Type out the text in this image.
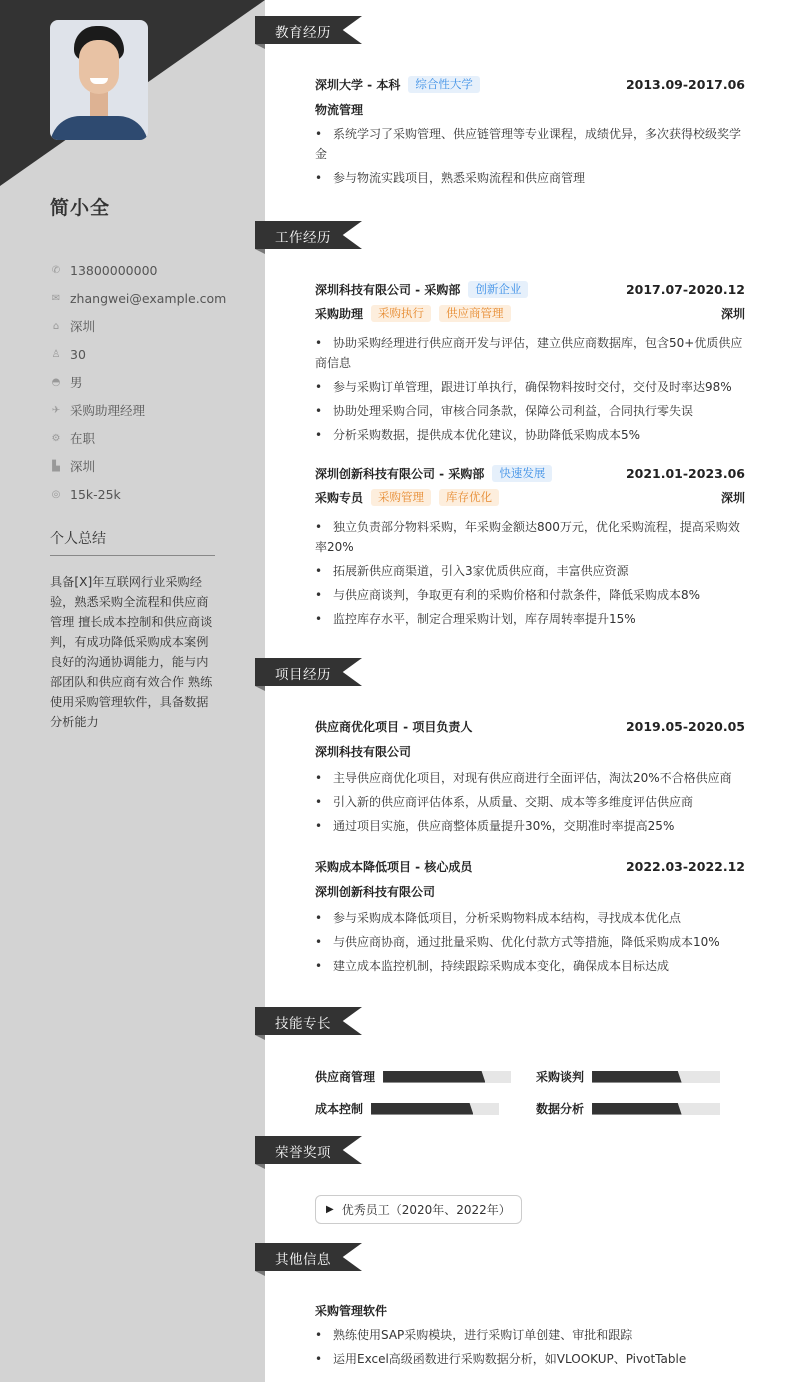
简小全
✆ 13800000000
✉ zhangwei@example.com
⌂ 深圳
♙ 30
◓ 男
✈ 采购助理经理
⚙ 在职
▙ 深圳
◎ 15k-25k
个人总结
具备[X]年互联网行业采购经验，熟悉采购全流程和供应商管理 擅长成本控制和供应商谈判，有成功降低采购成本案例 良好的沟通协调能力，能与内部团队和供应商有效合作 熟练使用采购管理软件，具备数据分析能力
教育经历
深圳大学 - 本科	综合性大学	2013.09-2017.06
物流管理
• 系统学习了采购管理、供应链管理等专业课程，成绩优异，多次获得校级奖学金
• 参与物流实践项目，熟悉采购流程和供应商管理
工作经历
深圳科技有限公司 - 采购部	创新企业	2017.07-2020.12
采购助理	采购执行	供应商管理	深圳
• 协助采购经理进行供应商开发与评估，建立供应商数据库，包含50+优质供应商信息
• 参与采购订单管理，跟进订单执行，确保物料按时交付，交付及时率达98%
• 协助处理采购合同，审核合同条款，保障公司利益，合同执行零失误
• 分析采购数据，提供成本优化建议，协助降低采购成本5%
深圳创新科技有限公司 - 采购部	快速发展	2021.01-2023.06
采购专员	采购管理	库存优化	深圳
• 独立负责部分物料采购，年采购金额达800万元，优化采购流程，提高采购效率20%
• 拓展新供应商渠道，引入3家优质供应商，丰富供应资源
• 与供应商谈判，争取更有利的采购价格和付款条件，降低采购成本8%
• 监控库存水平，制定合理采购计划，库存周转率提升15%
项目经历
供应商优化项目 - 项目负责人	2019.05-2020.05
深圳科技有限公司
• 主导供应商优化项目，对现有供应商进行全面评估，淘汰20%不合格供应商
• 引入新的供应商评估体系，从质量、交期、成本等多维度评估供应商
• 通过项目实施，供应商整体质量提升30%，交期准时率提高25%
采购成本降低项目 - 核心成员	2022.03-2022.12
深圳创新科技有限公司
• 参与采购成本降低项目，分析采购物料成本结构，寻找成本优化点
• 与供应商协商，通过批量采购、优化付款方式等措施，降低采购成本10%
• 建立成本监控机制，持续跟踪采购成本变化，确保成本目标达成
技能专长
供应商管理	采购谈判
成本控制	数据分析
荣誉奖项
▶ 优秀员工（2020年、2022年）
其他信息
采购管理软件
• 熟练使用SAP采购模块，进行采购订单创建、审批和跟踪
• 运用Excel高级函数进行采购数据分析，如VLOOKUP、PivotTable
